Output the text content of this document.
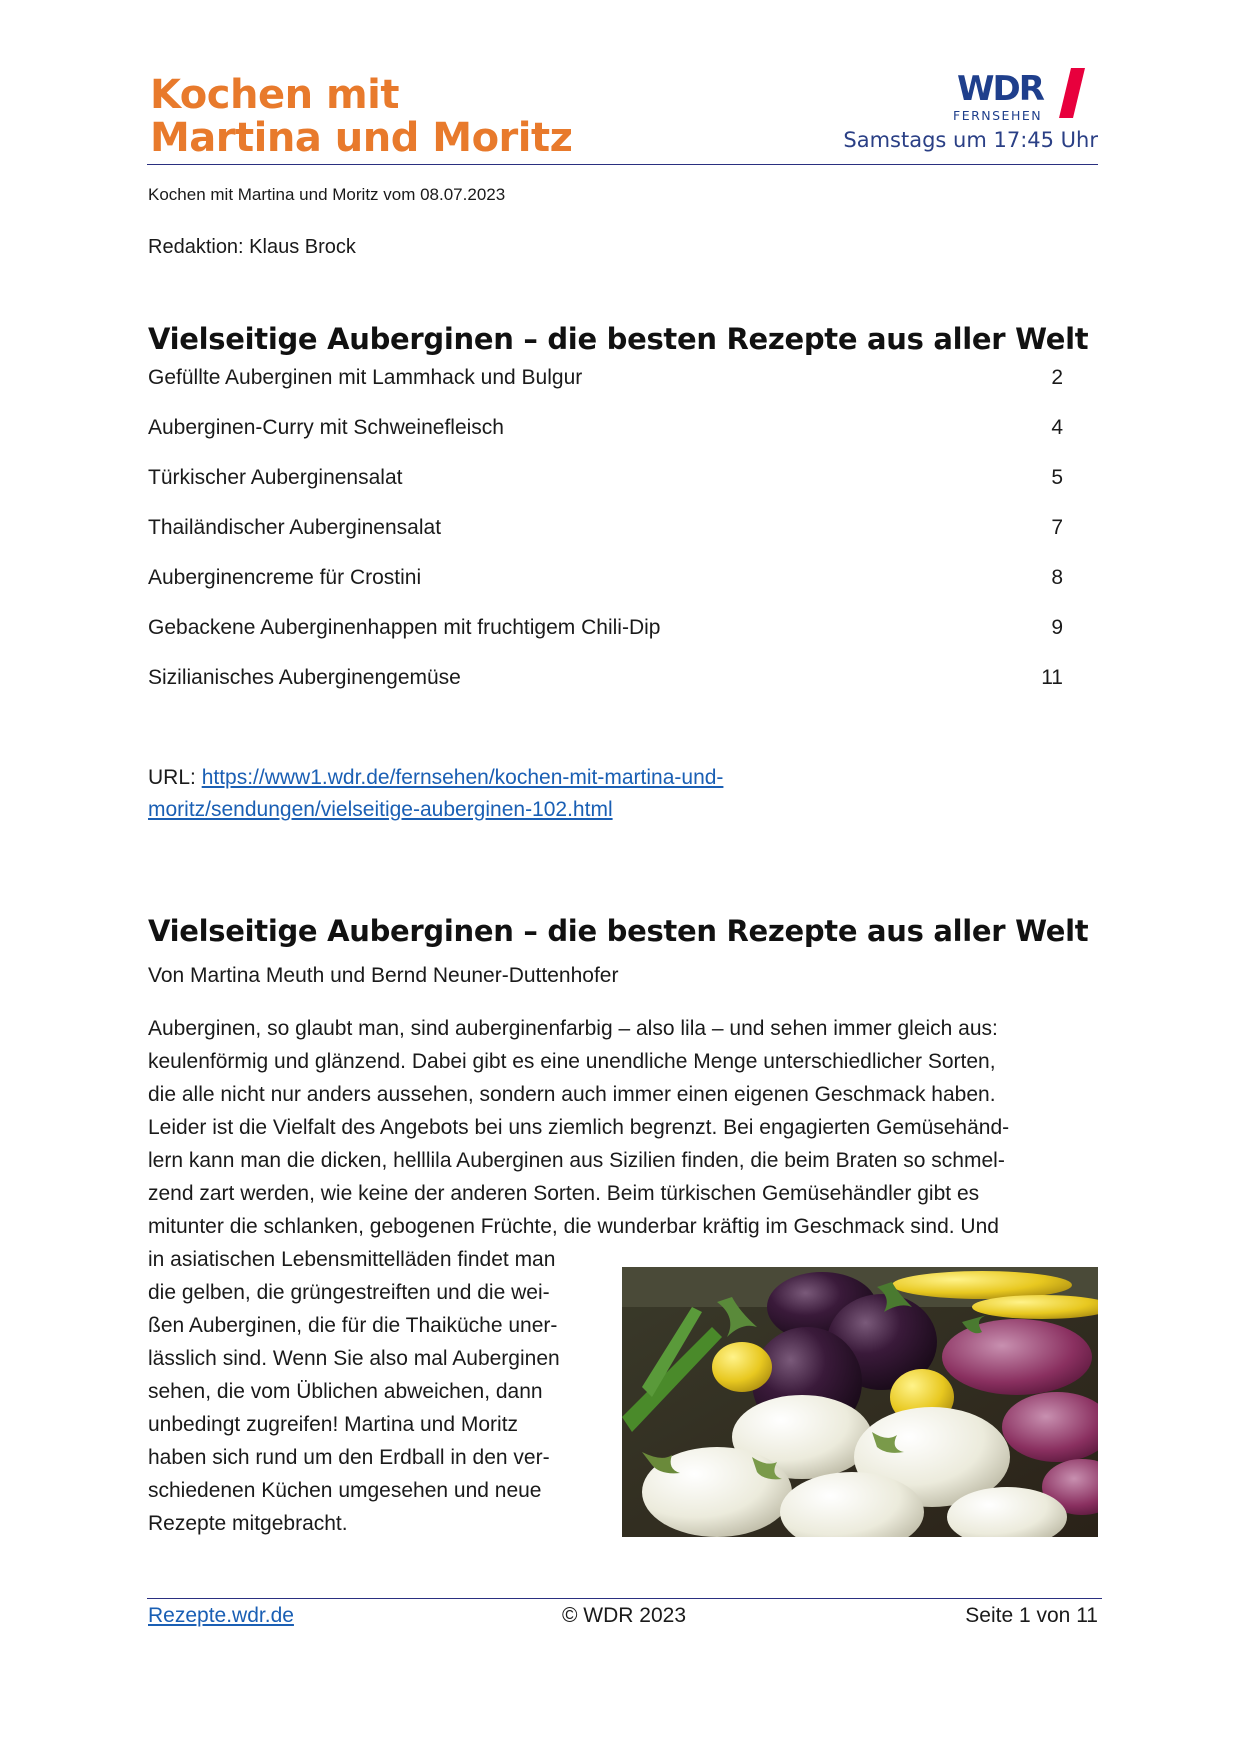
Kochen mit
Martina und Moritz
WDR
FERNSEHEN
Samstags um 17:45 Uhr
Kochen mit Martina und Moritz vom 08.07.2023
Redaktion: Klaus Brock
Vielseitige Auberginen – die besten Rezepte aus aller Welt
Gefüllte Auberginen mit Lammhack und Bulgur	2
Auberginen-Curry mit Schweinefleisch	4
Türkischer Auberginensalat	5
Thailändischer Auberginensalat	7
Auberginencreme für Crostini	8
Gebackene Auberginenhappen mit fruchtigem Chili-Dip	9
Sizilianisches Auberginengemüse	11
URL: https://www1.wdr.de/fernsehen/kochen-mit-martina-und-
moritz/sendungen/vielseitige-auberginen-102.html
Vielseitige Auberginen – die besten Rezepte aus aller Welt
Von Martina Meuth und Bernd Neuner-Duttenhofer

Auberginen, so glaubt man, sind auberginenfarbig – also lila – und sehen immer gleich aus:
keulenförmig und glänzend. Dabei gibt es eine unendliche Menge unterschiedlicher Sorten,
die alle nicht nur anders aussehen, sondern auch immer einen eigenen Geschmack haben.
Leider ist die Vielfalt des Angebots bei uns ziemlich begrenzt. Bei engagierten Gemüsehänd-
lern kann man die dicken, helllila Auberginen aus Sizilien finden, die beim Braten so schmel-
zend zart werden, wie keine der anderen Sorten. Beim türkischen Gemüsehändler gibt es
mitunter die schlanken, gebogenen Früchte, die wunderbar kräftig im Geschmack sind. Und

in asiatischen Lebensmittelläden findet man
die gelben, die grüngestreiften und die wei-
ßen Auberginen, die für die Thaiküche uner-
lässlich sind. Wenn Sie also mal Auberginen
sehen, die vom Üblichen abweichen, dann
unbedingt zugreifen! Martina und Moritz
haben sich rund um den Erdball in den ver-
schiedenen Küchen umgesehen und neue
Rezepte mitgebracht.

Rezepte.wdr.de	© WDR 2023	Seite 1 von 11
